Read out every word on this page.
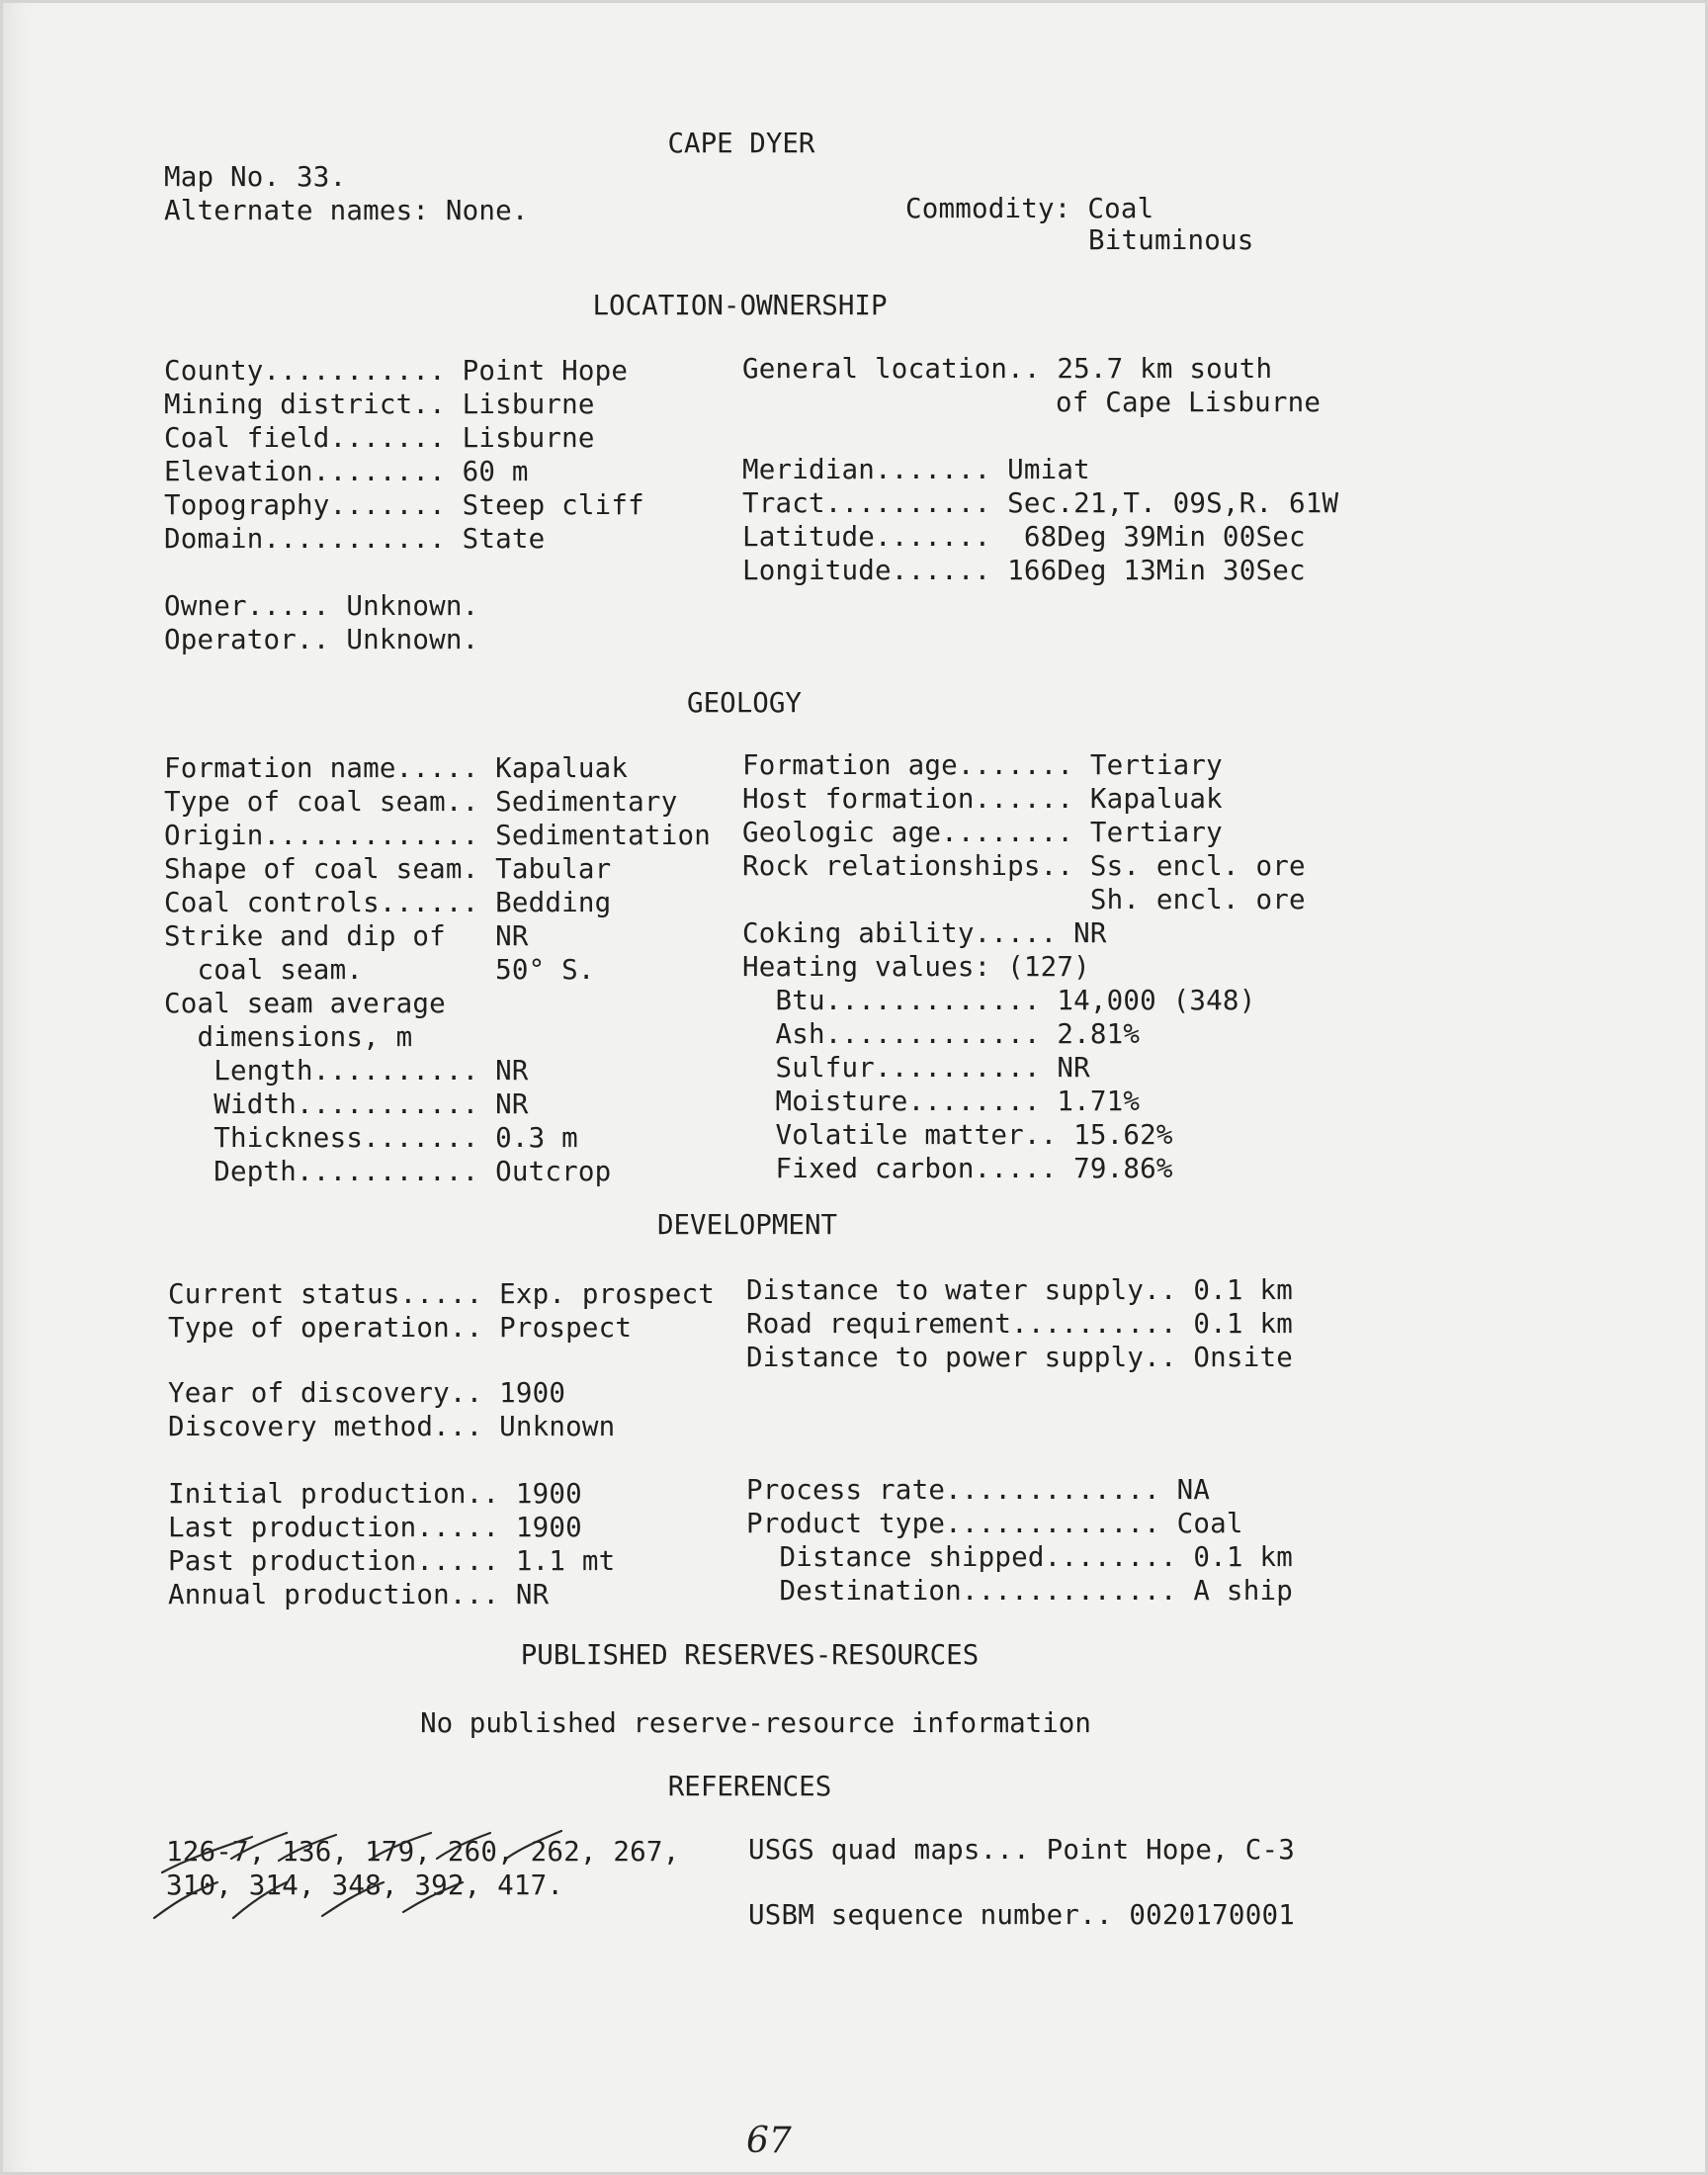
CAPE DYER
Map No. 33.
Alternate names: None.	Commodity: Coal
Bituminous
LOCATION-OWNERSHIP
County........... Point Hope
Mining district.. Lisburne
Coal field....... Lisburne
Elevation........ 60 m
Topography....... Steep cliff
Domain........... State
General location.. 25.7 km south
of Cape Lisburne
Meridian....... Umiat
Tract.......... Sec.21,T. 09S,R. 61W
Latitude.......  68Deg 39Min 00Sec
Longitude...... 166Deg 13Min 30Sec
Owner..... Unknown.
Operator.. Unknown.
GEOLOGY
Formation name..... Kapaluak
Type of coal seam.. Sedimentary
Origin............. Sedimentation
Shape of coal seam. Tabular
Coal controls...... Bedding
Strike and dip of   NR
coal seam.        50° S.
Coal seam average
dimensions, m
Length.......... NR
Width........... NR
Thickness....... 0.3 m
Depth........... Outcrop
Formation age....... Tertiary
Host formation...... Kapaluak
Geologic age........ Tertiary
Rock relationships.. Ss. encl. ore
Sh. encl. ore
Coking ability..... NR
Heating values: (127)
Btu............. 14,000 (348)
Ash............. 2.81%
Sulfur.......... NR
Moisture........ 1.71%
Volatile matter.. 15.62%
Fixed carbon..... 79.86%
DEVELOPMENT
Current status..... Exp. prospect
Type of operation.. Prospect
Year of discovery.. 1900
Discovery method... Unknown
Initial production.. 1900
Last production..... 1900
Past production..... 1.1 mt
Annual production... NR
Distance to water supply.. 0.1 km
Road requirement.......... 0.1 km
Distance to power supply.. Onsite
Process rate............. NA
Product type............. Coal
Distance shipped........ 0.1 km
Destination............. A ship
PUBLISHED RESERVES-RESOURCES
No published reserve-resource information
REFERENCES
126-7, 136, 179, 260, 262, 267,
310, 314, 348, 392, 417.
USGS quad maps... Point Hope, C-3
USBM sequence number.. 0020170001
67
